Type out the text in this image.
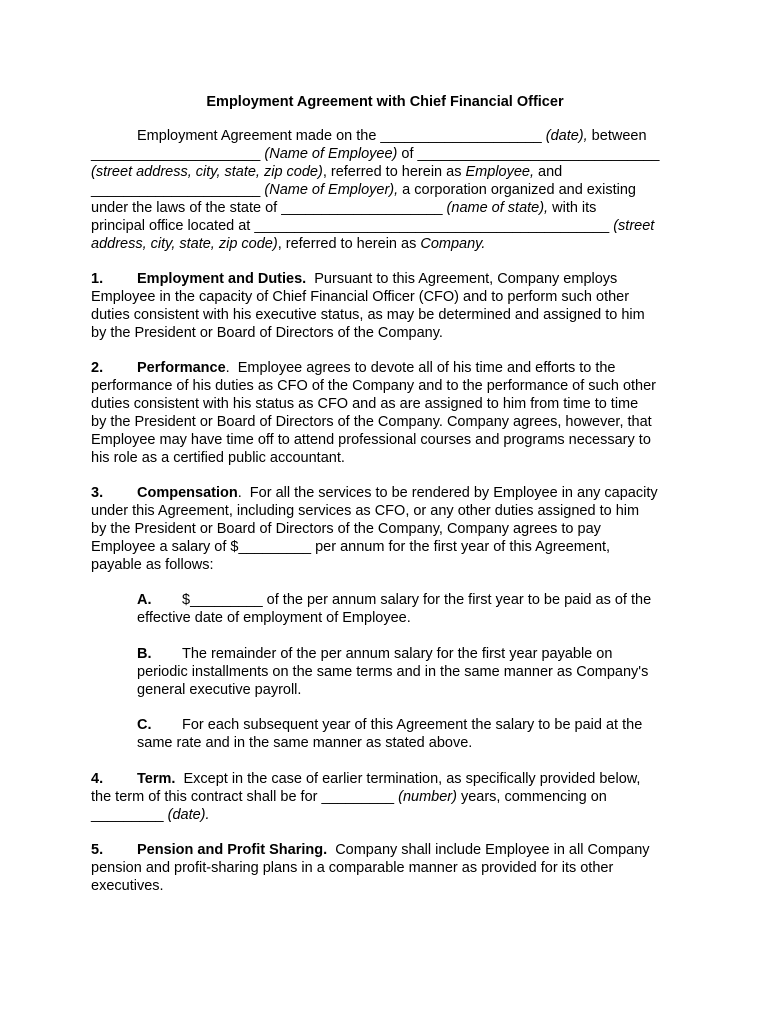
Employment Agreement with Chief Financial Officer
Employment Agreement made on the ____________________ (date), between
_____________________ (Name of Employee) of ______________________________
(street address, city, state, zip code), referred to herein as Employee, and
_____________________ (Name of Employer), a corporation organized and existing
under the laws of the state of ____________________ (name of state), with its
principal office located at ____________________________________________ (street
address, city, state, zip code), referred to herein as Company.
1. Employment and Duties.  Pursuant to this Agreement, Company employs
Employee in the capacity of Chief Financial Officer (CFO) and to perform such other
duties consistent with his executive status, as may be determined and assigned to him
by the President or Board of Directors of the Company.
2. Performance.  Employee agrees to devote all of his time and efforts to the
performance of his duties as CFO of the Company and to the performance of such other
duties consistent with his status as CFO and as are assigned to him from time to time
by the President or Board of Directors of the Company. Company agrees, however, that
Employee may have time off to attend professional courses and programs necessary to
his role as a certified public accountant.
3. Compensation.  For all the services to be rendered by Employee in any capacity
under this Agreement, including services as CFO, or any other duties assigned to him
by the President or Board of Directors of the Company, Company agrees to pay
Employee a salary of $_________ per annum for the first year of this Agreement,
payable as follows:
A. $_________ of the per annum salary for the first year to be paid as of the
effective date of employment of Employee.
B. The remainder of the per annum salary for the first year payable on
periodic installments on the same terms and in the same manner as Company's
general executive payroll.
C. For each subsequent year of this Agreement the salary to be paid at the
same rate and in the same manner as stated above.
4. Term.  Except in the case of earlier termination, as specifically provided below,
the term of this contract shall be for _________ (number) years, commencing on
_________ (date).
5. Pension and Profit Sharing.  Company shall include Employee in all Company
pension and profit-sharing plans in a comparable manner as provided for its other
executives.
